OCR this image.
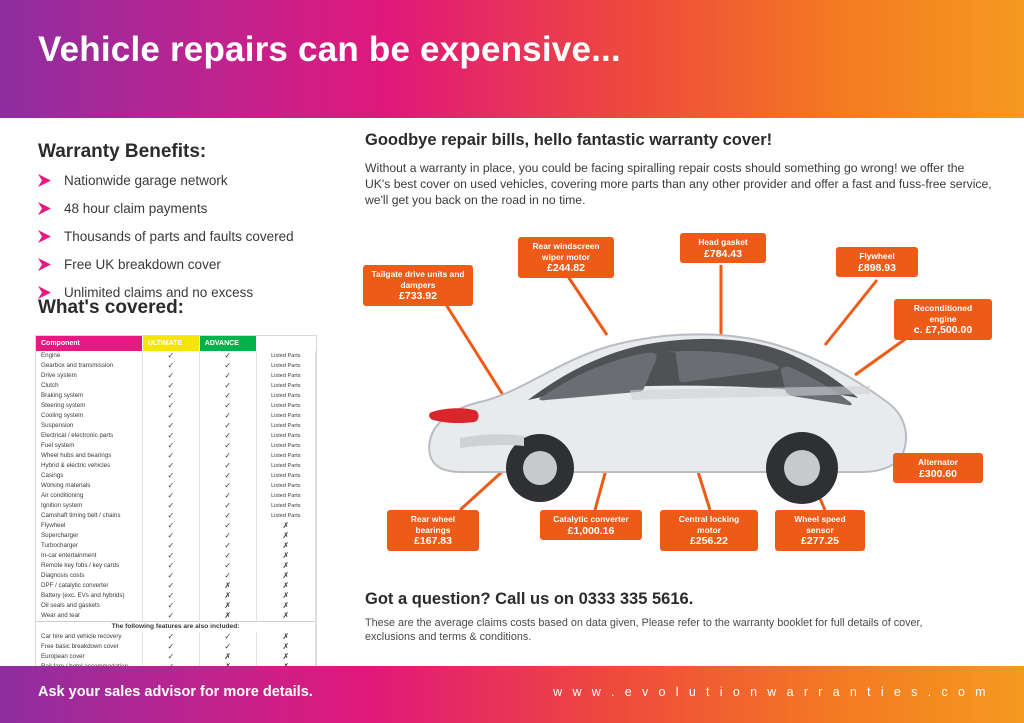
Vehicle repairs can be expensive...
Warranty Benefits:
Nationwide garage network
48 hour claim payments
Thousands of parts and faults covered
Free UK breakdown cover
Unlimited claims and no excess
What's covered:
Component	ULTIMATE	ADVANCE	ESSENTIAL
Engine	✓	✓	Listed Parts
Gearbox and transmission	✓	✓	Listed Parts
Drive system	✓	✓	Listed Parts
Clutch	✓	✓	Listed Parts
Braking system	✓	✓	Listed Parts
Steering system	✓	✓	Listed Parts
Cooling system	✓	✓	Listed Parts
Suspension	✓	✓	Listed Parts
Electrical / electronic parts	✓	✓	Listed Parts
Fuel system	✓	✓	Listed Parts
Wheel hubs and bearings	✓	✓	Listed Parts
Hybrid & electric vehicles	✓	✓	Listed Parts
Casings	✓	✓	Listed Parts
Working materials	✓	✓	Listed Parts
Air conditioning	✓	✓	Listed Parts
Ignition system	✓	✓	Listed Parts
Camshaft timing belt / chains	✓	✓	Listed Parts
Flywheel	✓	✓	✗
Supercharger	✓	✓	✗
Turbocharger	✓	✓	✗
In-car entertainment	✓	✓	✗
Remote key fobs / key cards	✓	✓	✗
Diagnosis costs	✓	✓	✗
DPF / catalytic converter	✓	✗	✗
Battery (exc. EVs and hybrids)	✓	✗	✗
Oil seals and gaskets	✓	✗	✗
Wear and tear	✓	✗	✗
The following features are also included:			
Car hire and vehicle recovery	✓	✓	✗
Free basic breakdown cover	✓	✓	✗
European cover	✓	✗	✗

Goodbye repair bills, hello fantastic warranty cover!
Without a warranty in place, you could be facing spiralling repair costs should something go wrong! we offer the UK's best cover on used vehicles, covering more parts than any other provider and offer a fast and fuss-free service, we'll get you back on the road in no time.
Tailgate drive units and dampers
£733.92
Rear windscreen wiper motor
£244.82
Head gasket
£784.43	Flywheel
£898.93
Reconditioned engine
c. £7,500.00
Alternator
£300.60
Wheel speed sensor
£277.25
Central locking motor
£256.22
Catalytic converter
£1,000.16
Rear wheel bearings
£167.83
Got a question? Call us on 0333 335 5616.
These are the average claims costs based on data given, Please refer to the warranty booklet for full details of cover, exclusions and terms & conditions.
Ask your sales advisor for more details.	w w w . e v o l u t i o n w a r r a n t i e s . c o m
